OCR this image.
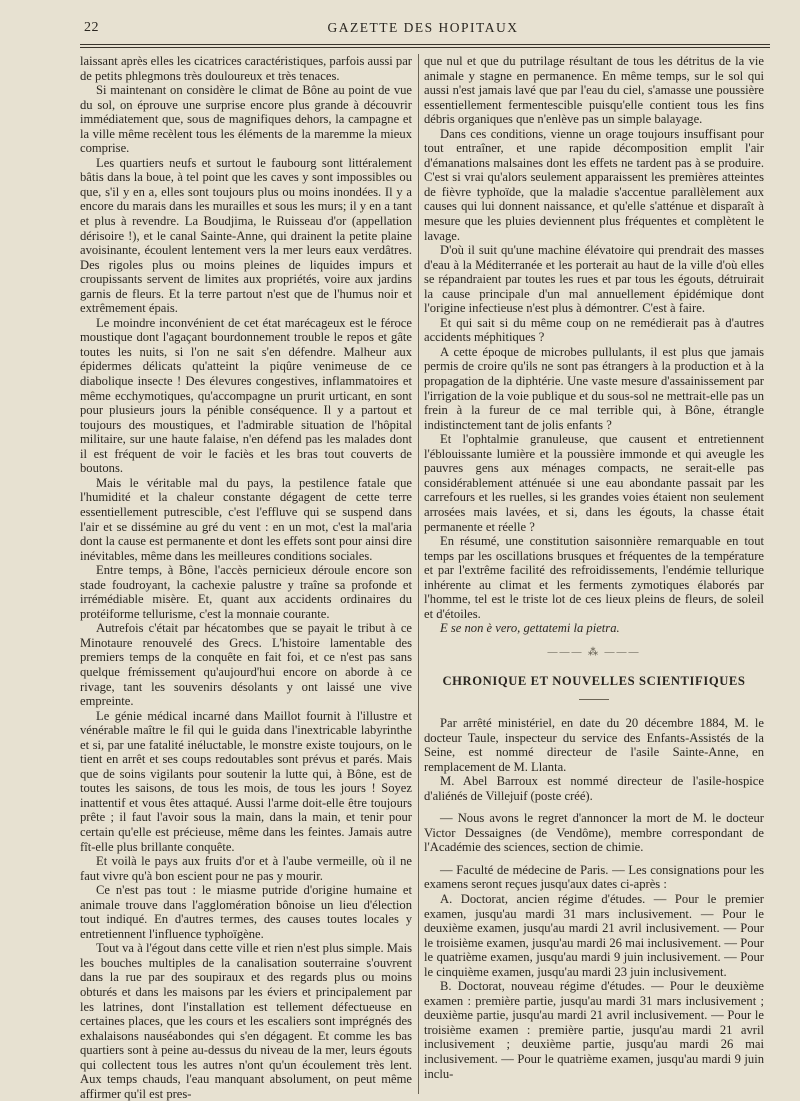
22	GAZETTE DES HOPITAUX

laissant après elles les cicatrices caractéristiques, parfois aussi par de petits phlegmons très douloureux et très tenaces.

Si maintenant on considère le climat de Bône au point de vue du sol, on éprouve une surprise encore plus grande à découvrir immédiatement que, sous de magnifiques dehors, la campagne et la ville même recèlent tous les éléments de la maremme la mieux comprise.

Les quartiers neufs et surtout le faubourg sont littéralement bâtis dans la boue, à tel point que les caves y sont impossibles ou que, s'il y en a, elles sont toujours plus ou moins inondées. Il y a encore du marais dans les murailles et sous les murs; il y en a tant et plus à revendre. La Boudjima, le Ruisseau d'or (appellation dérisoire !), et le canal Sainte-Anne, qui drainent la petite plaine avoisinante, écoulent lentement vers la mer leurs eaux verdâtres. Des rigoles plus ou moins pleines de liquides impurs et croupissants servent de limites aux propriétés, voire aux jardins garnis de fleurs. Et la terre partout n'est que de l'humus noir et extrêmement épais.

Le moindre inconvénient de cet état marécageux est le féroce moustique dont l'agaçant bourdonnement trouble le repos et gâte toutes les nuits, si l'on ne sait s'en défendre. Malheur aux épidermes délicats qu'atteint la piqûre venimeuse de ce diabolique insecte ! Des élevures congestives, inflammatoires et même ecchymotiques, qu'accompagne un prurit urticant, en sont pour plusieurs jours la pénible conséquence. Il y a partout et toujours des moustiques, et l'admirable situation de l'hôpital militaire, sur une haute falaise, n'en défend pas les malades dont il est fréquent de voir le faciès et les bras tout couverts de boutons.

Mais le véritable mal du pays, la pestilence fatale que l'humidité et la chaleur constante dégagent de cette terre essentiellement putrescible, c'est l'effluve qui se suspend dans l'air et se dissémine au gré du vent : en un mot, c'est la mal'aria dont la cause est permanente et dont les effets sont pour ainsi dire inévitables, même dans les meilleures conditions sociales.

Entre temps, à Bône, l'accès pernicieux déroule encore son stade foudroyant, la cachexie palustre y traîne sa profonde et irrémédiable misère. Et, quant aux accidents ordinaires du protéiforme tellurisme, c'est la monnaie courante.

Autrefois c'était par hécatombes que se payait le tribut à ce Minotaure renouvelé des Grecs. L'histoire lamentable des premiers temps de la conquête en fait foi, et ce n'est pas sans quelque frémissement qu'aujourd'hui encore on aborde à ce rivage, tant les souvenirs désolants y ont laissé une vive empreinte.

Le génie médical incarné dans Maillot fournit à l'illustre et vénérable maître le fil qui le guida dans l'inextricable labyrinthe et si, par une fatalité inéluctable, le monstre existe toujours, on le tient en arrêt et ses coups redoutables sont prévus et parés. Mais que de soins vigilants pour soutenir la lutte qui, à Bône, est de toutes les saisons, de tous les mois, de tous les jours ! Soyez inattentif et vous êtes attaqué. Aussi l'arme doit-elle être toujours prête ; il faut l'avoir sous la main, dans la main, et tenir pour certain qu'elle est précieuse, même dans les feintes. Jamais autre fît-elle plus brillante conquête.

Et voilà le pays aux fruits d'or et à l'aube vermeille, où il ne faut vivre qu'à bon escient pour ne pas y mourir.

Ce n'est pas tout : le miasme putride d'origine humaine et animale trouve dans l'agglomération bônoise un lieu d'élection tout indiqué. En d'autres termes, des causes toutes locales y entretiennent l'influence typhoïgène.

Tout va à l'égout dans cette ville et rien n'est plus simple. Mais les bouches multiples de la canalisation souterraine s'ouvrent dans la rue par des soupiraux et des regards plus ou moins obturés et dans les maisons par les éviers et principalement par les latrines, dont l'installation est tellement défectueuse en certaines places, que les cours et les escaliers sont imprégnés des exhalaisons nauséabondes qui s'en dégagent. Et comme les bas quartiers sont à peine au-dessus du niveau de la mer, leurs égouts qui collectent tous les autres n'ont qu'un écoulement très lent. Aux temps chauds, l'eau manquant absolument, on peut même affirmer qu'il est pres-

que nul et que du putrilage résultant de tous les détritus de la vie animale y stagne en permanence. En même temps, sur le sol qui aussi n'est jamais lavé que par l'eau du ciel, s'amasse une poussière essentiellement fermentescible puisqu'elle contient tous les fins débris organiques que n'enlève pas un simple balayage.

Dans ces conditions, vienne un orage toujours insuffisant pour tout entraîner, et une rapide décomposition emplit l'air d'émanations malsaines dont les effets ne tardent pas à se produire. C'est si vrai qu'alors seulement apparaissent les premières atteintes de fièvre typhoïde, que la maladie s'accentue parallèlement aux causes qui lui donnent naissance, et qu'elle s'atténue et disparaît à mesure que les pluies deviennent plus fréquentes et complètent le lavage.

D'où il suit qu'une machine élévatoire qui prendrait des masses d'eau à la Méditerranée et les porterait au haut de la ville d'où elles se répandraient par toutes les rues et par tous les égouts, détruirait la cause principale d'un mal annuellement épidémique dont l'origine infectieuse n'est plus à démontrer. C'est à faire.

Et qui sait si du même coup on ne remédierait pas à d'autres accidents méphitiques ?

A cette époque de microbes pullulants, il est plus que jamais permis de croire qu'ils ne sont pas étrangers à la production et à la propagation de la diphtérie. Une vaste mesure d'assainissement par l'irrigation de la voie publique et du sous-sol ne mettrait-elle pas un frein à la fureur de ce mal terrible qui, à Bône, étrangle indistinctement tant de jolis enfants ?

Et l'ophtalmie granuleuse, que causent et entretiennent l'éblouissante lumière et la poussière immonde et qui aveugle les pauvres gens aux ménages compacts, ne serait-elle pas considérablement atténuée si une eau abondante passait par les carrefours et les ruelles, si les grandes voies étaient non seulement arrosées mais lavées, et si, dans les égouts, la chasse était permanente et réelle ?

En résumé, une constitution saisonnière remarquable en tout temps par les oscillations brusques et fréquentes de la température et par l'extrême facilité des refroidissements, l'endémie tellurique inhérente au climat et les ferments zymotiques élaborés par l'homme, tel est le triste lot de ces lieux pleins de fleurs, de soleil et d'étoiles.

E se non è vero, gettatemi la pietra.

——— ⁂ ———
CHRONIQUE ET NOUVELLES SCIENTIFIQUES

Par arrêté ministériel, en date du 20 décembre 1884, M. le docteur Taule, inspecteur du service des Enfants-Assistés de la Seine, est nommé directeur de l'asile Sainte-Anne, en remplacement de M. Llanta.

M. Abel Barroux est nommé directeur de l'asile-hospice d'aliénés de Villejuif (poste créé).

— Nous avons le regret d'annoncer la mort de M. le docteur Victor Dessaignes (de Vendôme), membre correspondant de l'Académie des sciences, section de chimie.

— Faculté de médecine de Paris. — Les consignations pour les examens seront reçues jusqu'aux dates ci-après :

A. Doctorat, ancien régime d'études. — Pour le premier examen, jusqu'au mardi 31 mars inclusivement. — Pour le deuxième examen, jusqu'au mardi 21 avril inclusivement. — Pour le troisième examen, jusqu'au mardi 26 mai inclusivement. — Pour le quatrième examen, jusqu'au mardi 9 juin inclusivement. — Pour le cinquième examen, jusqu'au mardi 23 juin inclusivement.

B. Doctorat, nouveau régime d'études. — Pour le deuxième examen : première partie, jusqu'au mardi 31 mars inclusivement ; deuxième partie, jusqu'au mardi 21 avril inclusivement. — Pour le troisième examen : première partie, jusqu'au mardi 21 avril inclusivement ; deuxième partie, jusqu'au mardi 26 mai inclusivement. — Pour le quatrième examen, jusqu'au mardi 9 juin inclu-
